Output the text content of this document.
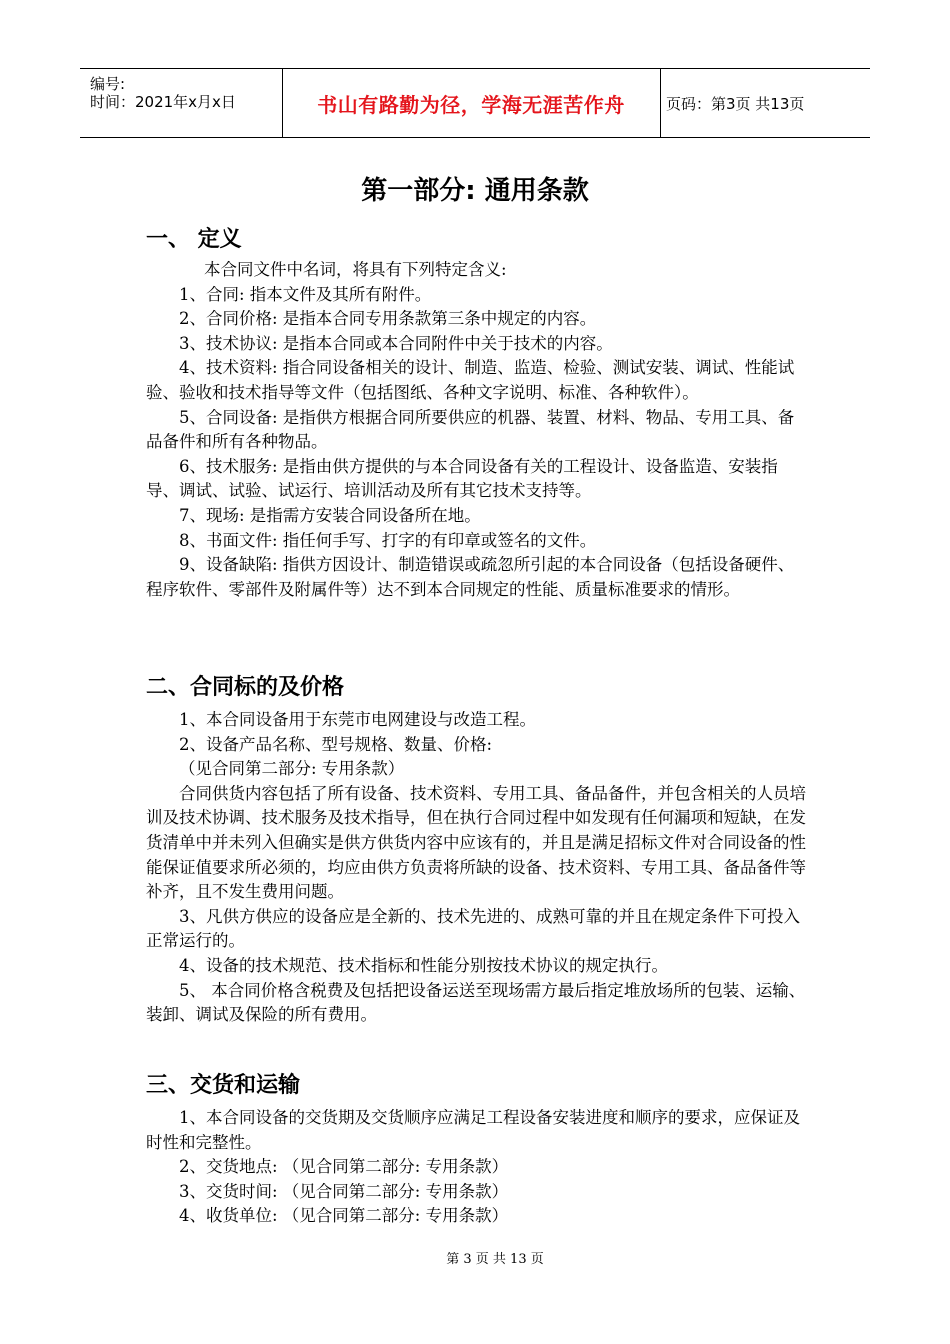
编号:
时间：2021年x月x日	书山有路勤为径，学海无涯苦作舟	页码：第3页 共13页
第一部分: 通用条款
一、 定义

本合同文件中名词，将具有下列特定含义:

1、合同: 指本文件及其所有附件。

2、合同价格: 是指本合同专用条款第三条中规定的内容。

3、技术协议: 是指本合同或本合同附件中关于技术的内容。

4、技术资料: 指合同设备相关的设计、制造、监造、检验、测试安装、调试、性能试验、验收和技术指导等文件（包括图纸、各种文字说明、标准、各种软件）。

5、合同设备: 是指供方根据合同所要供应的机器、装置、材料、物品、专用工具、备品备件和所有各种物品。

6、技术服务: 是指由供方提供的与本合同设备有关的工程设计、设备监造、安装指导、调试、试验、试运行、培训活动及所有其它技术支持等。

7、现场: 是指需方安装合同设备所在地。

8、书面文件: 指任何手写、打字的有印章或签名的文件。

9、设备缺陷: 指供方因设计、制造错误或疏忽所引起的本合同设备（包括设备硬件、程序软件、零部件及附属件等）达不到本合同规定的性能、质量标准要求的情形。

二、合同标的及价格

1、本合同设备用于东莞市电网建设与改造工程。

2、设备产品名称、型号规格、数量、价格:

（见合同第二部分: 专用条款）

合同供货内容包括了所有设备、技术资料、专用工具、备品备件，并包含相关的人员培训及技术协调、技术服务及技术指导，但在执行合同过程中如发现有任何漏项和短缺，在发货清单中并未列入但确实是供方供货内容中应该有的，并且是满足招标文件对合同设备的性能保证值要求所必须的，均应由供方负责将所缺的设备、技术资料、专用工具、备品备件等补齐，且不发生费用问题。

3、凡供方供应的设备应是全新的、技术先进的、成熟可靠的并且在规定条件下可投入正常运行的。

4、设备的技术规范、技术指标和性能分别按技术协议的规定执行。

5、 本合同价格含税费及包括把设备运送至现场需方最后指定堆放场所的包装、运输、装卸、调试及保险的所有费用。

三、交货和运输

1、本合同设备的交货期及交货顺序应满足工程设备安装进度和顺序的要求，应保证及时性和完整性。

2、交货地点: （见合同第二部分: 专用条款）

3、交货时间: （见合同第二部分: 专用条款）

4、收货单位: （见合同第二部分: 专用条款）

第 3 页 共 13 页
